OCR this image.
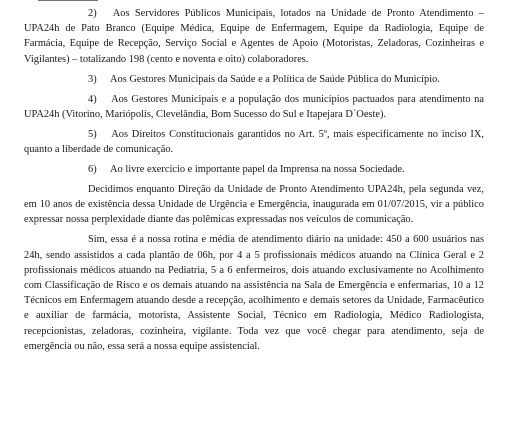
2) Aos Servidores Públicos Municipais, lotados na Unidade de Pronto Atendimento – UPA24h de Pato Branco (Equipe Médica, Equipe de Enfermagem, Equipe da Radiologia, Equipe de Farmácia, Equipe de Recepção, Serviço Social e Agentes de Apoio (Motoristas, Zeladoras, Cozinheiras e Vigilantes) – totalizando 198 (cento e noventa e oito) colaboradores.

3) Aos Gestores Municipais da Saúde e a Política de Saúde Pública do Município.

4) Aos Gestores Municipais e a população dos municípios pactuados para atendimento na UPA24h (Vitorino, Mariópolis, Clevelândia, Bom Sucesso do Sul e Itapejara D´Oeste).

5) Aos Direitos Constitucionais garantidos no Art. 5º, mais especificamente no inciso IX, quanto a liberdade de comunicação.

6) Ao livre exercício e importante papel da Imprensa na nossa Sociedade.

Decidimos enquanto Direção da Unidade de Pronto Atendimento UPA24h, pela segunda vez, em 10 anos de existência dessa Unidade de Urgência e Emergência, inaugurada em 01/07/2015, vir a público expressar nossa perplexidade diante das polêmicas expressadas nos veículos de comunicação.

Sim, essa é a nossa rotina e média de atendimento diário na unidade: 450 a 600 usuários nas 24h, sendo assistidos a cada plantão de 06h, por 4 a 5 profissionais médicos atuando na Clínica Geral e 2 profissionais médicos atuando na Pediatria, 5 a 6 enfermeiros, dois atuando exclusivamente no Acolhimento com Classificação de Risco e os demais atuando na assistência na Sala de Emergência e enfermarias, 10 a 12 Técnicos em Enfermagem atuando desde a recepção, acolhimento e demais setores da Unidade, Farmacêutico e auxiliar de farmácia, motorista, Assistente Social, Técnico em Radiologia, Médico Radiologista, recepcionistas, zeladoras, cozinheira, vigilante. Toda vez que você chegar para atendimento, seja de emergência ou não, essa será a nossa equipe assistencial.
